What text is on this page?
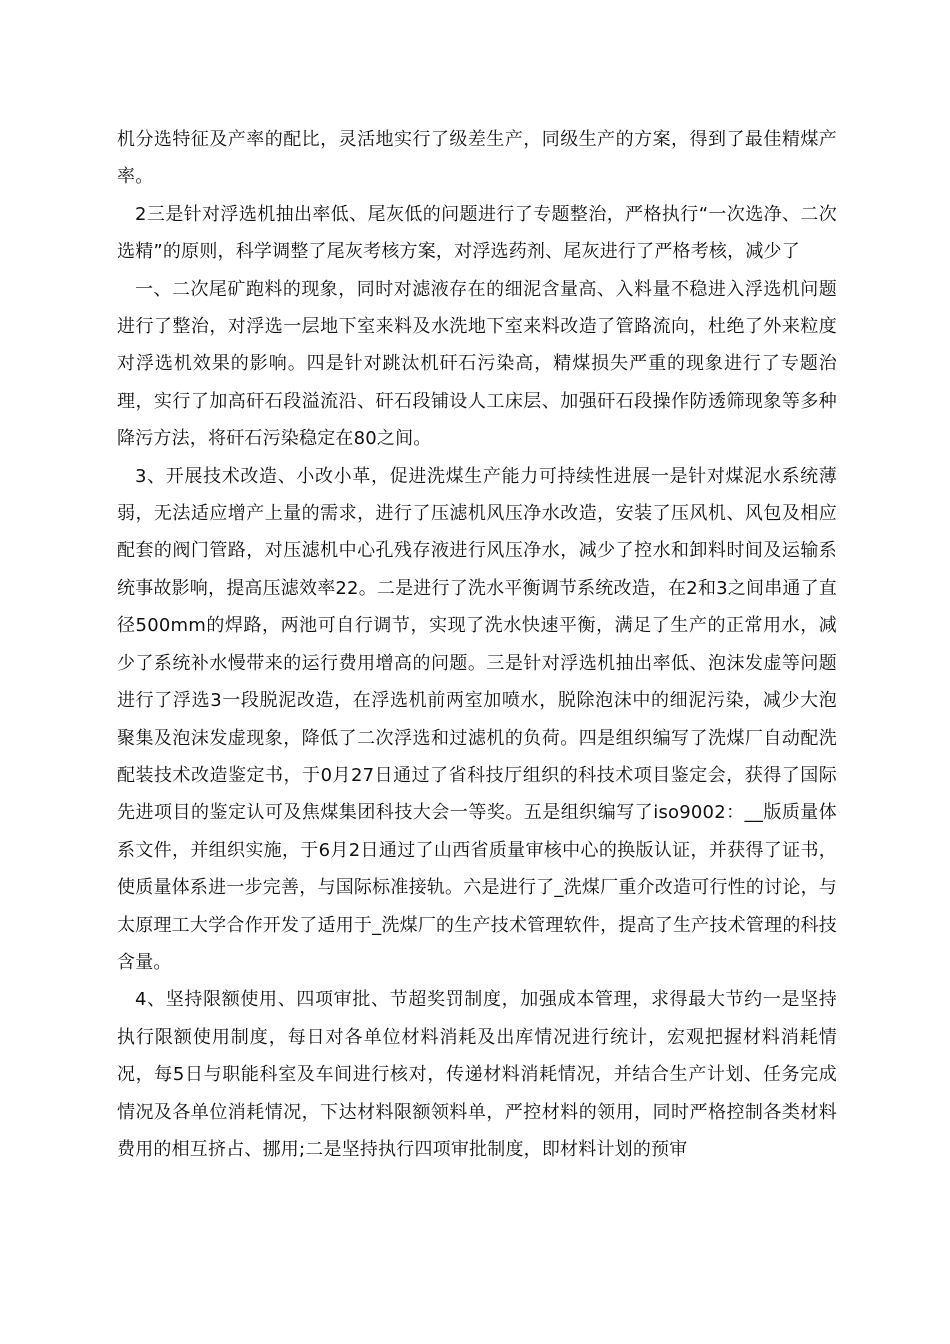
机分选特征及产率的配比，灵活地实行了级差生产，同级生产的方案，得到了最佳精煤产率。

2三是针对浮选机抽出率低、尾灰低的问题进行了专题整治，严格执行“一次选净、二次选精”的原则，科学调整了尾灰考核方案，对浮选药剂、尾灰进行了严格考核，减少了

一、二次尾矿跑料的现象，同时对滤液存在的细泥含量高、入料量不稳进入浮选机问题进行了整治，对浮选一层地下室来料及水洗地下室来料改造了管路流向，杜绝了外来粒度对浮选机效果的影响。四是针对跳汰机矸石污染高，精煤损失严重的现象进行了专题治理，实行了加高矸石段溢流沿、矸石段铺设人工床层、加强矸石段操作防透筛现象等多种降污方法，将矸石污染稳定在80之间。

3、开展技术改造、小改小革，促进洗煤生产能力可持续性进展一是针对煤泥水系统薄弱，无法适应增产上量的需求，进行了压滤机风压净水改造，安装了压风机、风包及相应配套的阀门管路，对压滤机中心孔残存液进行风压净水，减少了控水和卸料时间及运输系统事故影响，提高压滤效率22。二是进行了洗水平衡调节系统改造，在2和3之间串通了直径500mm的焊路，两池可自行调节，实现了洗水快速平衡，满足了生产的正常用水，减少了系统补水慢带来的运行费用增高的问题。三是针对浮选机抽出率低、泡沫发虚等问题进行了浮选3一段脱泥改造，在浮选机前两室加喷水，脱除泡沫中的细泥污染，减少大泡聚集及泡沫发虚现象，降低了二次浮选和过滤机的负荷。四是组织编写了洗煤厂自动配洗配装技术改造鉴定书，于0月27日通过了省科技厅组织的科技术项目鉴定会，获得了国际先进项目的鉴定认可及焦煤集团科技大会一等奖。五是组织编写了iso9002：__版质量体系文件，并组织实施，于6月2日通过了山西省质量审核中心的换版认证，并获得了证书，使质量体系进一步完善，与国际标准接轨。六是进行了_洗煤厂重介改造可行性的讨论，与太原理工大学合作开发了适用于_洗煤厂的生产技术管理软件，提高了生产技术管理的科技含量。

4、坚持限额使用、四项审批、节超奖罚制度，加强成本管理，求得最大节约一是坚持执行限额使用制度，每日对各单位材料消耗及出库情况进行统计，宏观把握材料消耗情况，每5日与职能科室及车间进行核对，传递材料消耗情况，并结合生产计划、任务完成情况及各单位消耗情况，下达材料限额领料单，严控材料的领用，同时严格控制各类材料费用的相互挤占、挪用;二是坚持执行四项审批制度，即材料计划的预审
